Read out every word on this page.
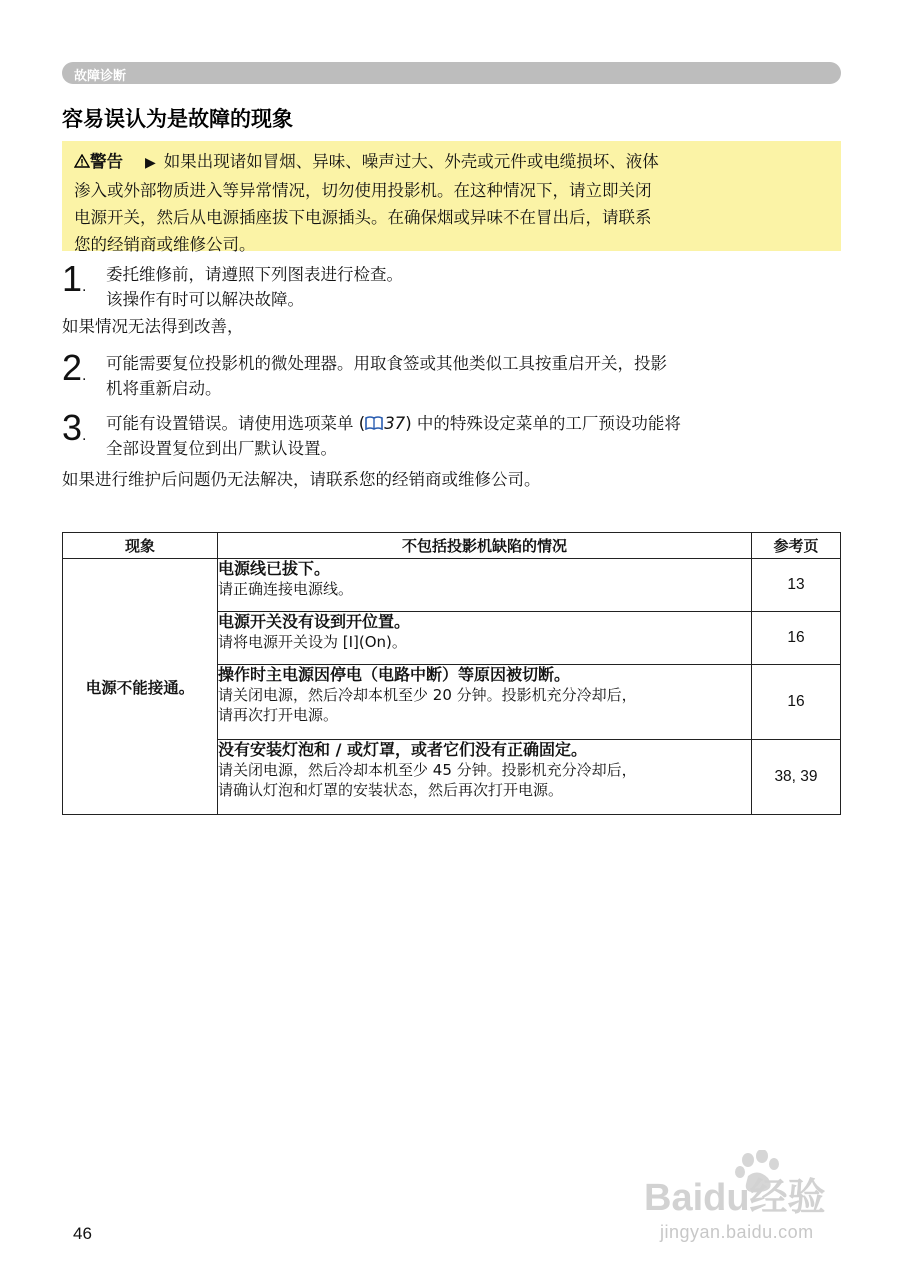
故障诊断
容易误认为是故障的现象
警告 ▶ 如果出现诸如冒烟、异味、噪声过大、外壳或元件或电缆损坏、液体
渗入或外部物质进入等异常情况，切勿使用投影机。在这种情况下，请立即关闭
电源开关，然后从电源插座拔下电源插头。在确保烟或异味不在冒出后，请联系
您的经销商或维修公司。
1.
委托维修前，请遵照下列图表进行检查。
该操作有时可以解决故障。
如果情况无法得到改善，
2.
可能需要复位投影机的微处理器。用取食签或其他类似工具按重启开关，投影
机将重新启动。
3.
可能有设置错误。请使用选项菜单 ( 37) 中的特殊设定菜单的工厂预设功能将
全部设置复位到出厂默认设置。
如果进行维护后问题仍无法解决，请联系您的经销商或维修公司。
现象	不包括投影机缺陷的情况	参考页
电源不能接通。	电源线已拔下。
请正确连接电源线。	13

	电源开关没有设到开位置。
请将电源开关设为 [I](On)。	16

	操作时主电源因停电（电路中断）等原因被切断。
请关闭电源，然后冷却本机至少 20 分钟。投影机充分冷却后，
请再次打开电源。	16

	没有安装灯泡和 / 或灯罩，或者它们没有正确固定。
请关闭电源，然后冷却本机至少 45 分钟。投影机充分冷却后，
请确认灯泡和灯罩的安装状态，然后再次打开电源。	38, 39
46
Baidu经验
jingyan.baidu.com
